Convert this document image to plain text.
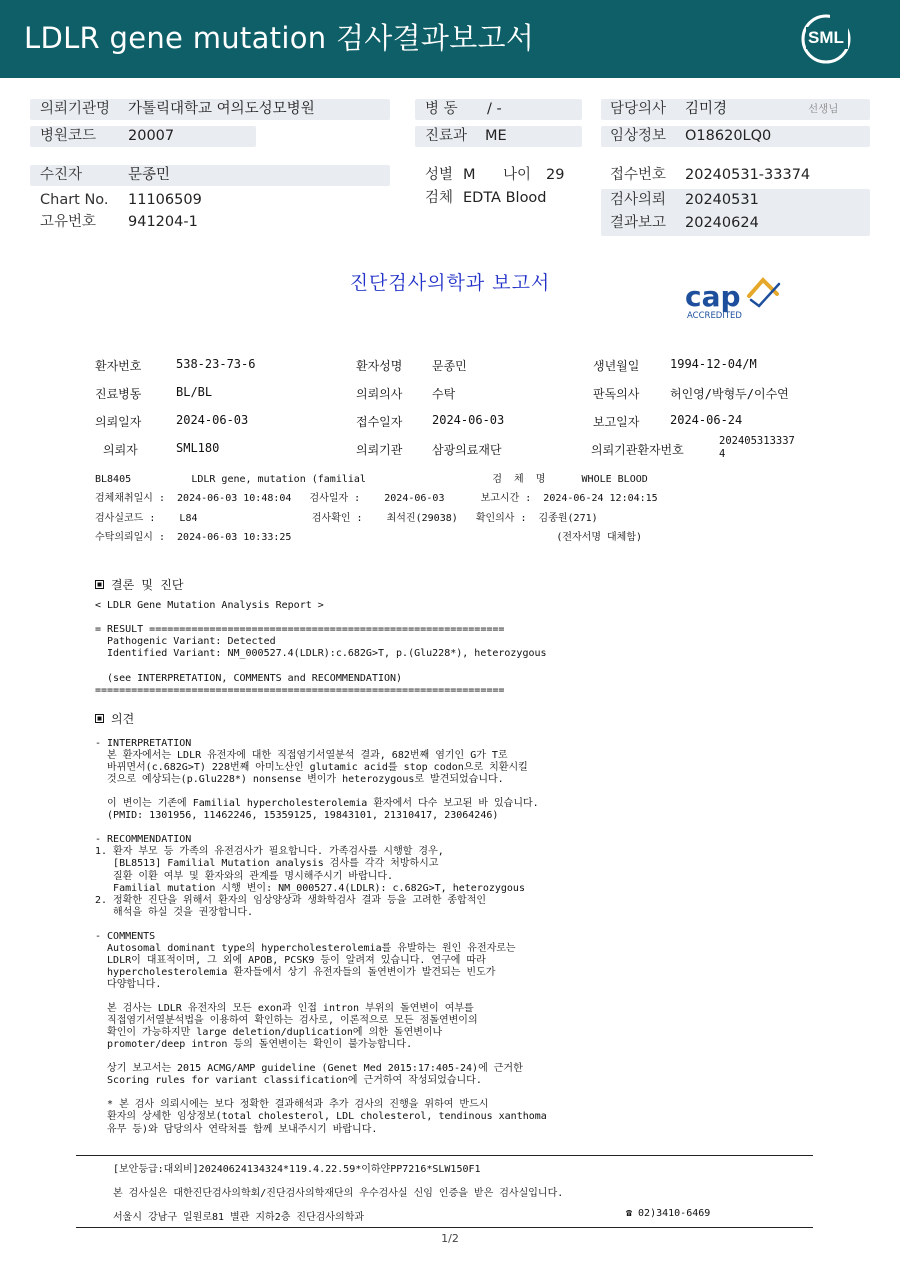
LDLR gene mutation 검사결과보고서	SML
의뢰기관명 가톨릭대학교 여의도성모병원
병원코드 20007
수진자	문종민
Chart No. 11106509
고유번호 941204-1
병 동 / -
진료과 ME
성별 M 나이 29
검체 EDTA Blood
담당의사 김미경	선생님
임상정보 O18620LQ0
접수번호 20240531-33374
검사의뢰 20240531
결과보고 20240624
진단검사의학과 보고서	cap
ACCREDITED
환자번호	538-23-73-6	환자성명 문종민	생년월일	1994-12-04/M
진료병동	BL/BL	의뢰의사 수탁	판독의사	허인영/박형두/이수연
의뢰일자	2024-06-03	접수일자 2024-06-03	보고일자	2024-06-24
의뢰자	SML180	의뢰기관 삼광의료재단	의뢰기관환자번호
202405313337
4
BL8405          LDLR gene, mutation (familial                     검  체  명      WHOLE BLOOD
검체채취일시 :  2024-06-03 10:48:04   검사일자 :    2024-06-03      보고시간 :  2024-06-24 12:04:15
검사실코드 :    L84                   검사확인 :    최석진(29038)   확인의사 :  김종원(271)
수탁의뢰일시 :  2024-06-03 10:33:25                                            (전자서명 대체함)
결론 및 진단
< LDLR Gene Mutation Analysis Report >

= RESULT ===========================================================
Pathogenic Variant: Detected
Identified Variant: NM_000527.4(LDLR):c.682G>T, p.(Glu228*), heterozygous

(see INTERPRETATION, COMMENTS and RECOMMENDATION)
====================================================================
의견
- INTERPRETATION
본 환자에서는 LDLR 유전자에 대한 직접염기서열분석 결과, 682번째 염기인 G가 T로
바뀌면서(c.682G>T) 228번째 아미노산인 glutamic acid를 stop codon으로 치환시킬
것으로 예상되는(p.Glu228*) nonsense 변이가 heterozygous로 발견되었습니다.

이 변이는 기존에 Familial hypercholesterolemia 환자에서 다수 보고된 바 있습니다.
(PMID: 1301956, 11462246, 15359125, 19843101, 21310417, 23064246)

- RECOMMENDATION
1. 환자 부모 등 가족의 유전검사가 필요합니다. 가족검사를 시행할 경우,
[BL8513] Familial Mutation analysis 검사를 각각 처방하시고
질환 이환 여부 및 환자와의 관계를 명시해주시기 바랍니다.
Familial mutation 시행 변이: NM_000527.4(LDLR): c.682G>T, heterozygous
2. 정확한 진단을 위해서 환자의 임상양상과 생화학검사 결과 등을 고려한 종합적인
해석을 하실 것을 권장합니다.

- COMMENTS
Autosomal dominant type의 hypercholesterolemia를 유발하는 원인 유전자로는
LDLR이 대표적이며, 그 외에 APOB, PCSK9 등이 알려져 있습니다. 연구에 따라
hypercholesterolemia 환자들에서 상기 유전자들의 돌연변이가 발견되는 빈도가
다양합니다.

본 검사는 LDLR 유전자의 모든 exon과 인접 intron 부위의 돌연변이 여부를
직접염기서열분석법을 이용하여 확인하는 검사로, 이론적으로 모든 점돌연변이의
확인이 가능하지만 large deletion/duplication에 의한 돌연변이나
promoter/deep intron 등의 돌연변이는 확인이 불가능합니다.

상기 보고서는 2015 ACMG/AMP guideline (Genet Med 2015:17:405-24)에 근거한
Scoring rules for variant classification에 근거하여 작성되었습니다.

* 본 검사 의뢰시에는 보다 정확한 결과해석과 추가 검사의 진행을 위하여 반드시
환자의 상세한 임상정보(total cholesterol, LDL cholesterol, tendinous xanthoma
유무 등)와 담당의사 연락처를 함께 보내주시기 바랍니다.
[보안등급:대외비]20240624134324*119.4.22.59*이하얀PP7216*SLW150F1
본 검사실은 대한진단검사의학회/진단검사의학재단의 우수검사실 신임 인증을 받은 검사실입니다.
서울시 강남구 일원로81 별관 지하2층 진단검사의학과	☎ 02)3410-6469
1/2
